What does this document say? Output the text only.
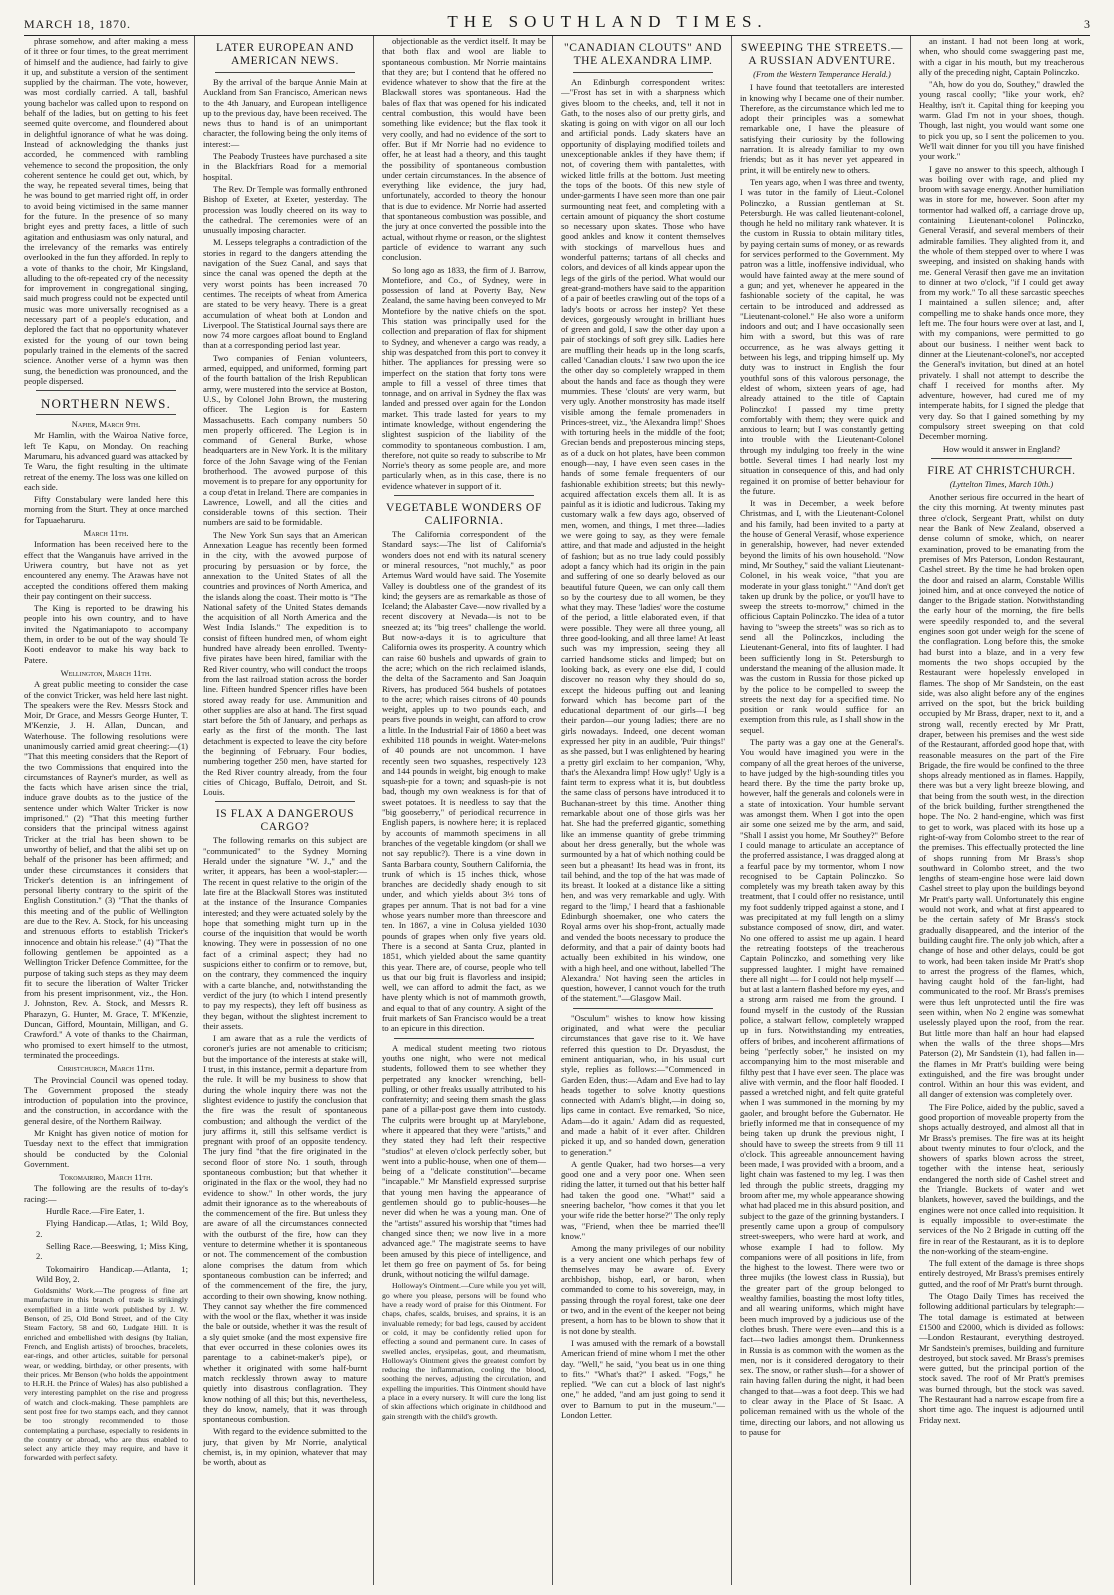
MARCH 18, 1870.	THE SOUTHLAND TIMES.	3

phrase somehow, and after making a mess of it three or four times, to the great merriment of himself and the audience, had fairly to give it up, and substitute a version of the sentiment supplied by the chairman. The vote, however, was most cordially carried. A tall, bashful young bachelor was called upon to respond on behalf of the ladies, but on getting to his feet seemed quite overcome, and floundered about in delightful ignorance of what he was doing. Instead of acknowledging the thanks just accorded, he commenced with rambling vehemence to second the proposition, the only coherent sentence he could get out, which, by the way, he repeated several times, being that he was bound to get married right off, in order to avoid being victimised in the same manner for the future. In the presence of so many bright eyes and pretty faces, a little of such agitation and enthusiasm was only natural, and the irrelevancy of the remarks was entirely overlooked in the fun they afforded. In reply to a vote of thanks to the choir, Mr Kingsland, alluding to the oft-repeated cry of the necessity for improvement in congregational singing, said much progress could not be expected until music was more universally recognised as a necessary part of a people's education, and deplored the fact that no opportunity whatever existed for the young of our town being popularly trained in the elements of the sacred science. Another verse of a hymn was then sung, the benediction was pronounced, and the people dispersed.

NORTHERN NEWS.
Napier, March 9th.

Mr Hamlin, with the Wairoa Native force, left Te Kapu, on Monday. On reaching Marumaru, his advanced guard was attacked by Te Waru, the fight resulting in the ultimate retreat of the enemy. The loss was one killed on each side.

Fifty Constabulary were landed here this morning from the Sturt. They at once marched for Tapuaeharuru.

March 11th.

Information has been received here to the effect that the Wanganuis have arrived in the Uriwera country, but have not as yet encountered any enemy. The Arawas have not accepted the conditions offered them making their pay contingent on their success.

The King is reported to be drawing his people into his own country, and to have invited the Ngatimaniapoto to accompany them, in order to be out of the way should Te Kooti endeavor to make his way back to Patere.

Wellington, March 11th.

A great public meeting to consider the case of the convict Tricker, was held here last night. The speakers were the Rev. Messrs Stock and Moir, Dr Grace, and Messrs George Hunter, T. M'Kenzie, J. H. Allan, Duncan, and Waterhouse. The following resolutions were unanimously carried amid great cheering:—(1) "That this meeting considers that the Report of the two Commissions that enquired into the circumstances of Rayner's murder, as well as the facts which have arisen since the trial, induce grave doubts as to the justice of the sentence under which Walter Tricker is now imprisoned." (2) "That this meeting further considers that the principal witness against Tricker at the trial has been shown to be unworthy of belief, and that the alibi set up on behalf of the prisoner has been affirmed; and under these circumstances it considers that Tricker's detention is an infringement of personal liberty contrary to the spirit of the English Constitution." (3) "That the thanks of this meeting and of the public of Wellington are due to the Rev. A. Stock, for his unceasing and strenuous efforts to establish Tricker's innocence and obtain his release." (4) "That the following gentlemen be appointed as a Wellington Tricker Defence Committee, for the purpose of taking such steps as they may deem fit to secure the liberation of Walter Tricker from his present imprisonment, viz., the Hon. J. Johnston, Rev. A. Stock, and Messrs R. Pharazyn, G. Hunter, M. Grace, T. M'Kenzie, Duncan, Gifford, Mountain, Milligan, and G. Crawford." A vote of thanks to the Chairman, who promised to exert himself to the utmost, terminated the proceedings.

Christchurch, March 11th.

The Provincial Council was opened today. The Government proposed the steady introduction of population into the province, and the construction, in accordance with the general desire, of the Northern Railway.

Mr Knight has given notice of motion for Tuesday next to the effect that immigration should be conducted by the Colonial Government.

Tokomairiro, March 11th.

The following are the results of to-day's racing:—

Hurdle Race.—Fire Eater, 1.

Flying Handicap.—Atlas, 1; Wild Boy, 2.

Selling Race.—Beeswing, 1; Miss King, 2.

Tokomairiro Handicap.—Atlanta, 1; Wild Boy, 2.

Goldsmiths' Work.—The progress of fine art manufacture in this branch of trade is strikingly exemplified in a little work published by J. W. Benson, of 25, Old Bond Street, and of the City Steam Factory, 58 and 60, Ludgate Hill. It is enriched and embellished with designs (by Italian, French, and English artists) of brooches, bracelets, ear-rings, and other articles, suitable for personal wear, or wedding, birthday, or other presents, with their prices. Mr Benson (who holds the appointment to H.R.H. the Prince of Wales) has also published a very interesting pamphlet on the rise and progress of watch and clock-making. These pamphlets are sent post free for two stamps each, and they cannot be too strongly recommended to those contemplating a purchase, especially to residents in the country or abroad, who are thus enabled to select any article they may require, and have it forwarded with perfect safety.

LATER EUROPEAN AND AMERICAN NEWS.

By the arrival of the barque Annie Main at Auckland from San Francisco, American news to the 4th January, and European intelligence up to the previous day, have been received. The news thus to hand is of an unimportant character, the following being the only items of interest:—

The Peabody Trustees have purchased a site in the Blackfriars Road for a memorial hospital.

The Rev. Dr Temple was formally enthroned Bishop of Exeter, at Exeter, yesterday. The procession was loudly cheered on its way to the cathedral. The ceremonies were of an unusually imposing character.

M. Lesseps telegraphs a contradiction of the stories in regard to the dangers attending the navigation of the Suez Canal, and says that since the canal was opened the depth at the very worst points has been increased 70 centimes. The receipts of wheat from America are stated to be very heavy. There is a great accumulation of wheat both at London and Liverpool. The Statistical Journal says there are now 74 more cargoes afloat bound to England than at a corresponding period last year.

Two companies of Fenian volunteers, armed, equipped, and uniformed, forming part of the fourth battalion of the Irish Republican army, were mustered into the service at Boston, U.S., by Colonel John Brown, the mustering officer. The Legion is for Eastern Massachusetts. Each company numbers 50 men properly officered. The Legion is in command of General Burke, whose headquarters are in New York. It is the military force of the John Savage wing of the Fenian brotherhood. The avowed purpose of this movement is to prepare for any opportunity for a coup d'etat in Ireland. There are companies in Lawrence, Lowell, and all the cities and considerable towns of this section. Their numbers are said to be formidable.

The New York Sun says that an American Annexation League has recently been formed in the city, with the avowed purpose of procuring by persuasion or by force, the annexation to the United States of all the countries and provinces of North America, and the islands along the coast. Their motto is "The National safety of the United States demands the acquisition of all North America and the West India Islands." The expedition is to consist of fifteen hundred men, of whom eight hundred have already been enrolled. Twenty-five pirates have been hired, familiar with the Red River country, who will conduct the troops from the last railroad station across the border line. Fifteen hundred Spencer rifles have been stored away ready for use. Ammunition and other supplies are also at hand. The first squad start before the 5th of January, and perhaps as early as the first of the month. The last detachment is expected to leave the city before the beginning of February. Four bodies, numbering together 250 men, have started for the Red River country already, from the four cities of Chicago, Buffalo, Detroit, and St. Louis.

IS FLAX A DANGEROUS CARGO?

The following remarks on this subject are "communicated" to the Sydney Morning Herald under the signature "W. J.," and the writer, it appears, has been a wool-stapler:—The recent in quest relative to the origin of the late fire at the Blackwall Stores was instituted at the instance of the Insurance Companies interested; and they were actuated solely by the hope that something might turn up in the course of the inquisition that would be worth knowing. They were in possession of no one fact of a criminal aspect; they had no suspicions either to confirm or to remove, but, on the contrary, they commenced the inquiry with a carte blanche, and, notwithstanding the verdict of the jury (to which I intend presently to pay my respects), they left off business as they began, without the slightest increment to their assets.

I am aware that as a rule the verdicts of coroner's juries are not amenable to criticism; but the importance of the interests at stake will, I trust, in this instance, permit a departure from the rule. It will be my business to show that during the whole inquiry there was not the slightest evidence to justify the conclusion that the fire was the result of spontaneous combustion; and although the verdict of the jury affirms it, still this selfsame verdict is pregnant with proof of an opposite tendency. The jury find "that the fire originated in the second floor of store No. 1 south, through spontaneous combustion; but that whether it originated in the flax or the wool, they had no evidence to show." In other words, the jury admit their ignorance as to the whereabouts of the commencement of the fire. But unless they are aware of all the circumstances connected with the outburst of the fire, how can they venture to determine whether it is spontaneous or not. The commencement of the combustion alone comprises the datum from which spontaneous combustion can be inferred; and of the commencement of the fire, the jury, according to their own showing, know nothing. They cannot say whether the fire commenced with the wool or the flax, whether it was inside the bale or outside, whether it was the result of a sly quiet smoke (and the most expensive fire that ever occurred in these colonies owes its parentage to a cabinet-maker's pipe), or whether it originated with some half-burnt match recklessly thrown away to mature quietly into disastrous conflagration. They know nothing of all this; but this, nevertheless, they do know, namely, that it was through spontaneous combustion.

With regard to the evidence submitted to the jury, that given by Mr Norrie, analytical chemist, is, in my opinion, whatever that may be worth, about as

objectionable as the verdict itself. It may be that both flax and wool are liable to spontaneous combustion. Mr Norrie maintains that they are; but I contend that he offered no evidence whatever to show that the fire at the Blackwall stores was spontaneous. Had the bales of flax that was opened for his indicated central combustion, this would have been something like evidence; but the flax took it very coolly, and had no evidence of the sort to offer. But if Mr Norrie had no evidence to offer, he at least had a theory, and this taught the possibility of spontaneous combustion under certain circumstances. In the absence of everything like evidence, the jury had, unfortunately, accorded to theory the honour that is due to evidence. Mr Norrie had asserted that spontaneous combustion was possible, and the jury at once converted the possible into the actual, without rhyme or reason, or the slightest particle of evidence to warrant any such conclusion.

So long ago as 1833, the firm of J. Barrow, Montefiore, and Co., of Sydney, were in possession of land at Poverty Bay, New Zealand, the same having been conveyed to Mr Montefiore by the native chiefs on the spot. This station was principally used for the collection and preparation of flax for shipment to Sydney, and whenever a cargo was ready, a ship was despatched from this port to convey it hither. The appliances for pressing were so imperfect on the station that forty tons were ample to fill a vessel of three times that tonnage, and on arrival in Sydney the flax was landed and pressed over again for the London market. This trade lasted for years to my intimate knowledge, without engendering the slightest suspicion of the liability of the commodity to spontaneous combustion. I am, therefore, not quite so ready to subscribe to Mr Norrie's theory as some people are, and more particularly when, as in this case, there is no evidence whatever in support of it.

VEGETABLE WONDERS OF CALIFORNIA.

The California correspondent of the Standard says:—The list of California's wonders does not end with its natural scenery or mineral resources, "not muchly," as poor Artemus Ward would have said. The Yosemite Valley is doubtless one of the grandest of its kind; the geysers are as remarkable as those of Iceland; the Alabaster Cave—now rivalled by a recent discovery at Nevada—is not to be sneezed at; its "big trees" challenge the world. But now-a-days it is to agriculture that California owes its prosperity. A country which can raise 60 bushels and upwards of grain to the acre; which on the rich reclaimed islands, the delta of the Sacramento and San Joaquin Rivers, has produced 564 bushels of potatoes to the acre; which raises citrons of 40 pounds weight, apples up to two pounds each, and pears five pounds in weight, can afford to crow a little. In the Industrial Fair of 1860 a beet was exhibited 118 pounds in weight. Water-melons of 40 pounds are not uncommon. I have recently seen two squashes, respectively 123 and 144 pounds in weight, big enough to make squash-pie for a town; and squash-pie is not bad, though my own weakness is for that of sweet potatoes. It is needless to say that the "big gooseberry," of periodical recurrence in English papers, is nowhere here; it is replaced by accounts of mammoth specimens in all branches of the vegetable kingdom (or shall we not say republic?). There is a vine down in Santa Barbara county, Southern California, the trunk of which is 15 inches thick, whose branches are decidedly shady enough to sit under, and which yields about 3½ tons of grapes per annum. That is not bad for a vine whose years number more than threescore and ten. In 1867, a vine in Colusa yielded 1030 pounds of grapes when only five years old. There is a second at Santa Cruz, planted in 1851, which yielded about the same quantity this year. There are, of course, people who tell us that our big fruit is flavorless and insipid; well, we can afford to admit the fact, as we have plenty which is not of mammoth growth, and equal to that of any country. A sight of the fruit markets of San Francisco would be a treat to an epicure in this direction.

A medical student meeting two riotous youths one night, who were not medical students, followed them to see whether they perpetrated any knocker wrenching, bell-pulling, or other freaks usually attributed to his confraternity; and seeing them smash the glass pane of a pillar-post gave them into custody. The culprits were brought up at Marylebone, where it appeared that they were "artists," and they stated they had left their respective "studios" at eleven o'clock perfectly sober, but went into a public-house, when one of them—being of a "delicate constitution"—became "incapable." Mr Mansfield expressed surprise that young men having the appearance of gentlemen should go to public-houses—he never did when he was a young man. One of the "artists" assured his worship that "times had changed since then; we now live in a more advanced age." The magistrate seems to have been amused by this piece of intelligence, and let them go free on payment of 5s. for being drunk, without noticing the wilful damage.

Holloway's Ointment.—Cure while you yet will, go where you please, persons will be found who have a ready word of praise for this Ointment. For chaps, chafes, scalds, bruises, and sprains, it is an invaluable remedy; for bad legs, caused by accident or cold, it may be confidently relied upon for effecting a sound and permanent cure. In cases of swelled ancles, erysipelas, gout, and rheumatism, Holloway's Ointment gives the greatest comfort by reducing the inflammation, cooling the blood, soothing the nerves, adjusting the circulation, and expelling the impurities. This Ointment should have a place in a every nursery. It will cure the long list of skin affections which originate in childhood and gain strength with the child's growth.

"CANADIAN CLOUTS" AND THE ALEXANDRA LIMP.

An Edinburgh correspondent writes:—"Frost has set in with a sharpness which gives bloom to the cheeks, and, tell it not in Gath, to the noses also of our pretty girls, and skating is going on with vigor on all our loch and artificial ponds. Lady skaters have an opportunity of displaying modified toilets and unexceptionable ankles if they have them; if not, of covering them with pantalettes, with wicked little frills at the bottom. Just meeting the tops of the boots. Of this new style of under-garments I have seen more than one pair surmounting neat feet, and completing with a certain amount of piquancy the short costume so necessary upon skates. Those who have good ankles and know it content themselves with stockings of marvellous hues and wonderful patterns; tartans of all checks and colors, and devices of all kinds appear upon the legs of the girls of the period. What would our great-grand-mothers have said to the apparition of a pair of beetles crawling out of the tops of a lady's boots or across her instep? Yet these devices, gorgeously wrought in brilliant hues of green and gold, I saw the other day upon a pair of stockings of soft grey silk. Ladies here are muffling their heads up in the long scarfs, called 'Canadian clouts.' I saw two upon the ice the other day so completely wrapped in them about the hands and face as though they were mummies. These 'clouts' are very warm, but very ugly. Another monstrosity has made itself visible among the female promenaders in Princes-street, viz., 'the Alexandra limp!' Shoes with torturing heels in the middle of the foot; Grecian bends and preposterous mincing steps, as of a duck on hot plates, have been common enough—nay, I have even seen cases in the hands of some female frequenters of our fashionable exhibition streets; but this newly-acquired affectation excels them all. It is as painful as it is idiotic and ludicrous. Taking my customary walk a few days ago, observed of men, women, and things, I met three—ladies we were going to say, as they were female attire, and that made and adjusted in the height of fashion; but as no true lady could possibly adopt a fancy which had its origin in the pain and suffering of one so dearly beloved as our beautiful future Queen, we can only call them so by the courtesy due to all women, be they what they may. These 'ladies' wore the costume of the period, a little elaborated even, if that were possible. They were all three young, all three good-looking, and all three lame! At least such was my impression, seeing they all carried handsome sticks and limped; but on looking back, as every one else did, I could discover no reason why they should do so, except the hideous puffing out and leaning forward which has become part of the educational department of our girls—I beg their pardon—our young ladies; there are no girls nowadays. Indeed, one decent woman expressed her pity in an audible, 'Puir things!' as she passed, but I was enlightened by hearing a pretty girl exclaim to her companion, 'Why, that's the Alexandra limp! How ugly!' Ugly is a faint term to express what it is, but doubtless the same class of persons have introduced it to Buchanan-street by this time. Another thing remarkable about one of those girls was her hat. She had the preferred gigantic, something like an immense quantity of grebe trimming about her dress generally, but the whole was surmounted by a hat of which nothing could be seen but a pheasant! Its head was in front, its tail behind, and the top of the hat was made of its breast. It looked at a distance like a sitting hen, and was very remarkable and ugly. With regard to the 'limp,' I heard that a fashionable Edinburgh shoemaker, one who caters the Royal arms over his shop-front, actually made and vended the boots necessary to produce the deformity, and that a pair of dainty boots had actually been exhibited in his window, one with a high heel, and one without, labelled 'The Alexandra.' Not having seen the articles in question, however, I cannot vouch for the truth of the statement."—Glasgow Mail.

"Osculum" wishes to know how kissing originated, and what were the peculiar circumstances that gave rise to it. We have referred this question to Dr. Dryasdust, the eminent antiquarian, who, in his usual curt style, replies as follows:—"Commenced in Garden Eden, thus:—Adam and Eve had to lay heads together to solve knotty questions connected with Adam's blight,—in doing so, lips came in contact. Eve remarked, 'So nice, Adam—do it again.' Adam did as requested, and made a habit of it ever after. Children picked it up, and so handed down, generation to generation."

A gentle Quaker, had two horses—a very good one and a very poor one. When seen riding the latter, it turned out that his better half had taken the good one. "What!" said a sneering bachelor, "how comes it that you let your wife ride the better horse?" The only reply was, "Friend, when thee be married thee'll know."

Among the many privileges of our nobility is a very ancient one which perhaps few of themselves may be aware of. Every archbishop, bishop, earl, or baron, when commanded to come to his sovereign, may, in passing through the royal forest, take one deer or two, and in the event of the keeper not being present, a horn has to be blown to show that it is not done by stealth.

I was amused with the remark of a bowstall American friend of mine whom I met the other day. "Well," he said, "you beat us in one thing to fits." "What's that?" I asked. "Fogs," he replied. "We can cut a block of last night's one," he added, "and am just going to send it over to Barnum to put in the museum."—London Letter.

SWEEPING THE STREETS.—A RUSSIAN ADVENTURE.
(From the Western Temperance Herald.)

I have found that teetotallers are interested in knowing why I became one of their number. Therefore, as the circumstance which led me to adopt their principles was a somewhat remarkable one, I have the pleasure of satisfying their curiosity by the following narration. It is already familiar to my own friends; but as it has never yet appeared in print, it will be entirely new to others.

Ten years ago, when I was three and twenty, I was tutor in the family of Lieut.-Colonel Polinczko, a Russian gentleman at St. Petersburgh. He was called lieutenant-colonel, though he held no military rank whatever. It is the custom in Russia to obtain military titles, by paying certain sums of money, or as rewards for services performed to the Government. My patron was a little, inoffensive individual, who would have fainted away at the mere sound of a gun; and yet, whenever he appeared in the fashionable society of the capital, he was certain to be introduced and addressed as "Lieutenant-colonel." He also wore a uniform indoors and out; and I have occasionally seen him with a sword, but this was of rare occurrence, as he was always getting it between his legs, and tripping himself up. My duty was to instruct in English the four youthful sons of this valorous personage, the eldest of whom, sixteen years of age, had already attained to the title of Captain Polinczko! I passed my time pretty comfortably with them; they were quick and anxious to learn; but I was constantly getting into trouble with the Lieutenant-Colonel through my indulging too freely in the wine bottle. Several times I had nearly lost my situation in consequence of this, and had only regained it on promise of better behaviour for the future.

It was in December, a week before Christmas, and I, with the Lieutenant-Colonel and his family, had been invited to a party at the house of General Verasif, whose experience in generalship, however, had never extended beyond the limits of his own household. "Now mind, Mr Southey," said the valiant Lieutenant-Colonel, in his weak voice, "that you are moderate in your glass tonight." "And don't get taken up drunk by the police, or you'll have to sweep the streets to-morrow," chimed in the officious Captain Polinczko. The idea of a tutor having to "sweep the streets" was so rich as to send all the Polinczkos, including the Lieutenant-General, into fits of laughter. I had been sufficiently long in St. Petersburgh to understand the meaning of the allusion made. It was the custom in Russia for those picked up by the police to be compelled to sweep the streets the next day for a specified time. No position or rank would suffice for an exemption from this rule, as I shall show in the sequel.

The party was a gay one at the General's. You would have imagined you were in the company of all the great heroes of the universe, to have judged by the high-sounding titles you heard there. By the time the party broke up, however, half the generals and colonels were in a state of intoxication. Your humble servant was amongst them. When I got into the open air some one seized me by the arm, and said, "Shall I assist you home, Mr Southey?" Before I could manage to articulate an acceptance of the proferred assistance, I was dragged along at a fearful pace by my tormentor, whom I now recognised to be Captain Polinczko. So completely was my breath taken away by this treatment, that I could offer no resistance, until my foot suddenly tripped against a stone, and I was precipitated at my full length on a slimy substance composed of snow, dirt, and water. No one offered to assist me up again. I heard the retreating footsteps of the treacherous Captain Polinczko, and something very like suppressed laughter. I might have remained there all night — for I could not help myself — but at last a lantern flashed before my eyes, and a strong arm raised me from the ground. I found myself in the custody of the Russian police, a stalwart fellow, completely wrapped up in furs. Notwithstanding my entreaties, offers of bribes, and incoherent affirmations of being "perfectly sober," he insisted on my accompanying him to the most miserable and filthy pest that I have ever seen. The place was alive with vermin, and the floor half flooded. I passed a wretched night, and felt quite grateful when I was summoned in the morning by my gaoler, and brought before the Gubernator. He briefly informed me that in consequence of my being taken up drunk the previous night, I should have to sweep the streets from 9 till 11 o'clock. This agreeable announcement having been made, I was provided with a broom, and a light chain was fastened to my leg. I was then led through the public streets, dragging my broom after me, my whole appearance showing what had placed me in this absurd position, and subject to the gaze of the grinning bystanders. I presently came upon a group of compulsory street-sweepers, who were hard at work, and whose example I had to follow. My companions were of all positions in life, from the highest to the lowest. There were two or three mujiks (the lowest class in Russia), but the greater part of the group belonged to wealthy families, boasting the most lofty titles, and all wearing uniforms, which might have been much improved by a judicious use of the clothes brush. There were even—and this is a fact—two ladies amongst them. Drunkenness in Russia is as common with the women as the men, nor is it considered derogatory to their sex. The snow, or rather slush—for a shower of rain having fallen during the night, it had been changed to that—was a foot deep. This we had to clear away in the Place of St Isaac. A policeman remained with us the whole of the time, directing our labors, and not allowing us to pause for

an instant. I had not been long at work, when, who should come swaggering past me, with a cigar in his mouth, but my treacherous ally of the preceding night, Captain Polinczko.

"Ah, how do you do, Southey," drawled the young rascal coolly; "like your work, eh? Healthy, isn't it. Capital thing for keeping you warm. Glad I'm not in your shoes, though. Though, last night, you would want some one to pick you up, so I sent the policemen to you. We'll wait dinner for you till you have finished your work."

I gave no answer to this speech, although I was boiling over with rage, and plied my broom with savage energy. Another humiliation was in store for me, however. Soon after my tormentor had walked off, a carriage drove up, containing Lieutenant-colonel Polinczko, General Verasif, and several members of their admirable families. They alighted from it, and the whole of them stepped over to where I was sweeping, and insisted on shaking hands with me. General Verasif then gave me an invitation to dinner at two o'clock, "if I could get away from my work." To all these sarcastic speeches I maintained a sullen silence; and, after compelling me to shake hands once more, they left me. The four hours were over at last, and I, with my companions, were permitted to go about our business. I neither went back to dinner at the Lieutenant-colonel's, nor accepted the General's invitation, but dined at an hotel privately. I shall not attempt to describe the chaff I received for months after. My adventure, however, had cured me of my intemperate habits, for I signed the pledge that very day. So that I gained something by my compulsory street sweeping on that cold December morning.

How would it answer in England?

FIRE AT CHRISTCHURCH.
(Lyttelton Times, March 10th.)

Another serious fire occurred in the heart of the city this morning. At twenty minutes past three o'clock, Sergeant Pratt, whilst on duty near the Bank of New Zealand, observed a dense column of smoke, which, on nearer examination, proved to be emanating from the premises of Mrs Paterson, London Restaurant, Cashel street. By the time he had broken open the door and raised an alarm, Constable Willis joined him, and at once conveyed the notice of danger to the Brigade station. Notwithstanding the early hour of the morning, the fire bells were speedily responded to, and the several engines soon got under weigh for the scene of the conflagration. Long before this, the smoke had burst into a blaze, and in a very few moments the two shops occupied by the Restaurant were hopelessly enveloped in flames. The shop of Mr Sandstein, on the east side, was also alight before any of the engines arrived on the spot, but the brick building occupied by Mr Brass, draper, next to it, and a strong wall, recently erected by Mr Pratt, draper, between his premises and the west side of the Restaurant, afforded good hope that, with reasonable measures on the part of the Fire Brigade, the fire would be confined to the three shops already mentioned as in flames. Happily, there was but a very light breeze blowing, and that being from the south west, in the direction of the brick building, further strengthened the hope. The No. 2 hand-engine, which was first to get to work, was placed with its hose up a right-of-way from Colombo street to the rear of the premises. This effectually protected the line of shops running from Mr Brass's shop southward in Colombo street, and the two lengths of steam-engine hose were laid down Cashel street to play upon the buildings beyond Mr Pratt's party wall. Unfortunately this engine would not work, and what at first appeared to be the certain safety of Mr Brass's stock gradually disappeared, and the interior of the building caught fire. The only job which, after a change of hose and other delays, could be got to work, had been taken inside Mr Pratt's shop to arrest the progress of the flames, which, having caught hold of the fan-light, had communicated to the roof. Mr Brass's premises were thus left unprotected until the fire was seen within, when No 2 engine was somewhat uselessly played upon the roof, from the rear. But little more than half an hour had elapsed when the walls of the three shops—Mrs Paterson (2), Mr Sandstein (1), had fallen in—the flames in Mr Pratt's building were being extinguished, and the fire was brought under control. Within an hour this was evident, and all danger of extension was completely over.

The Fire Police, aided by the public, saved a good proportion of moveable property from the shops actually destroyed, and almost all that in Mr Brass's premises. The fire was at its height about twenty minutes to four o'clock, and the showers of sparks blown across the street, together with the intense heat, seriously endangered the north side of Cashel street and the Triangle. Buckets of water and wet blankets, however, saved the buildings, and the engines were not once called into requisition. It is equally impossible to over-estimate the services of the No 2 Brigade in cutting off the fire in rear of the Restaurant, as it is to deplore the non-working of the steam-engine.

The full extent of the damage is three shops entirely destroyed, Mr Brass's premises entirely gutted, and the roof of Mr Pratt's burnt through.

The Otago Daily Times has received the following additional particulars by telegraph:—The total damage is estimated at between £1500 and £2000, which is divided as follows:—London Restaurant, everything destroyed. Mr Sandstein's premises, building and furniture destroyed, but stock saved. Mr Brass's premises were gutted, but the principal portion of the stock saved. The roof of Mr Pratt's premises was burned through, but the stock was saved. The Restaurant had a narrow escape from fire a short time ago. The inquest is adjourned until Friday next.
